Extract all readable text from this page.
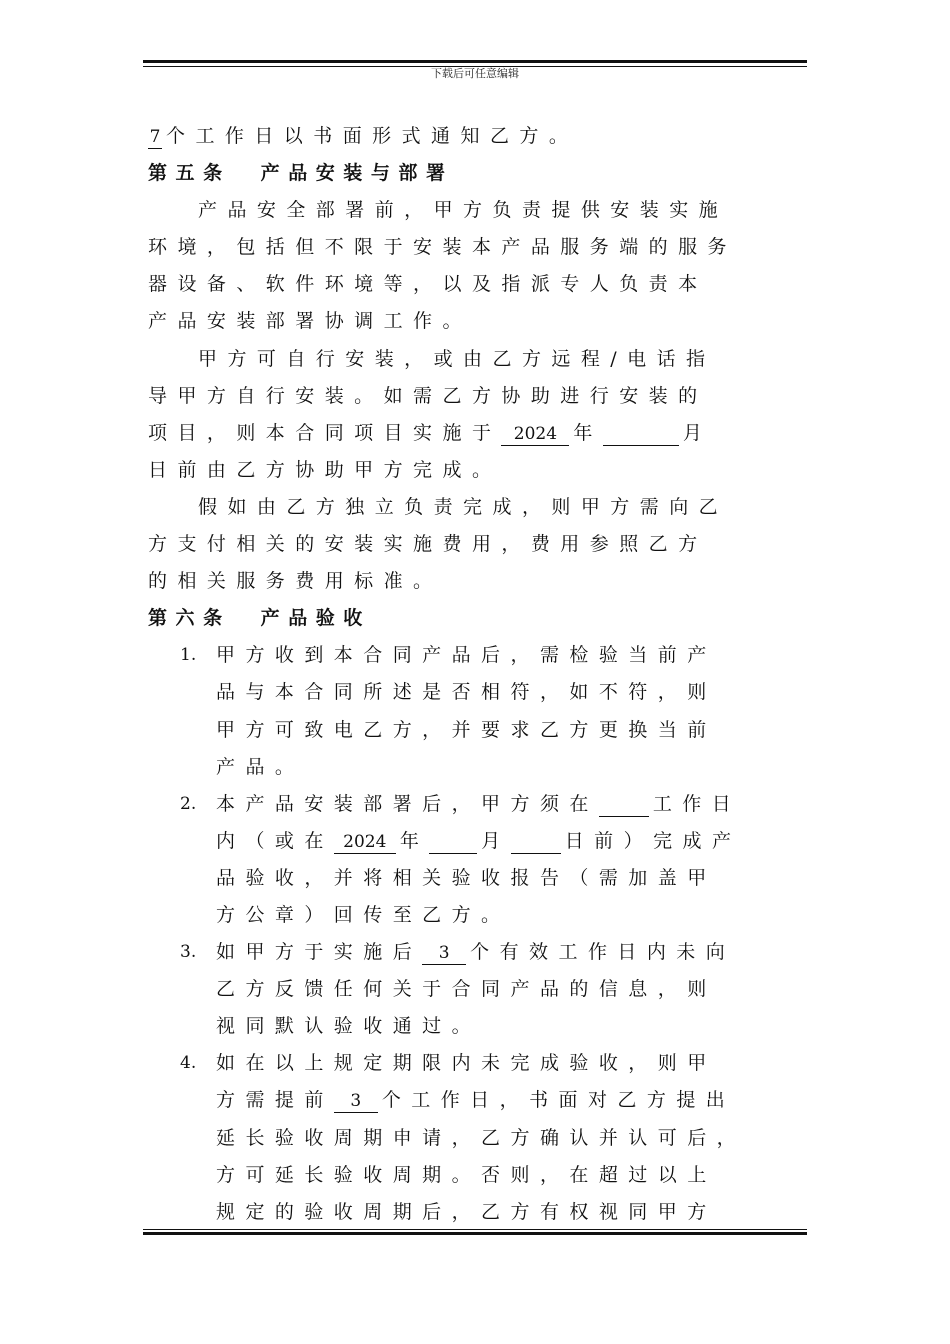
下载后可任意编辑
7 个工作日以书面形式通知乙方。
第五条 产品安装与部署
产品安全部署前，甲方负责提供安装实施
环境，包括但不限于安装本产品服务端的服务
器设备、软件环境等，以及指派专人负责本
产品安装部署协调工作。
甲方可自行安装，或由乙方远程/电话指
导甲方自行安装。如需乙方协助进行安装的
项目，则本合同项目实施于 2024 年	月
日前由乙方协助甲方完成。
假如由乙方独立负责完成，则甲方需向乙
方支付相关的安装实施费用，费用参照乙方
的相关服务费用标准。
第六条 产品验收
1. 甲方收到本合同产品后，需检验当前产
品与本合同所述是否相符，如不符，则
甲方可致电乙方，并要求乙方更换当前
产品。
2. 本产品安装部署后，甲方须在	工作日
内（或在 2024 年	月	日前）完成产
品验收，并将相关验收报告（需加盖甲
方公章）回传至乙方。
3. 如甲方于实施后 3 个有效工作日内未向
乙方反馈任何关于合同产品的信息，则
视同默认验收通过。
4. 如在以上规定期限内未完成验收，则甲
方需提前 3 个工作日，书面对乙方提出
延长验收周期申请，乙方确认并认可后，
方可延长验收周期。否则，在超过以上
规定的验收周期后，乙方有权视同甲方
